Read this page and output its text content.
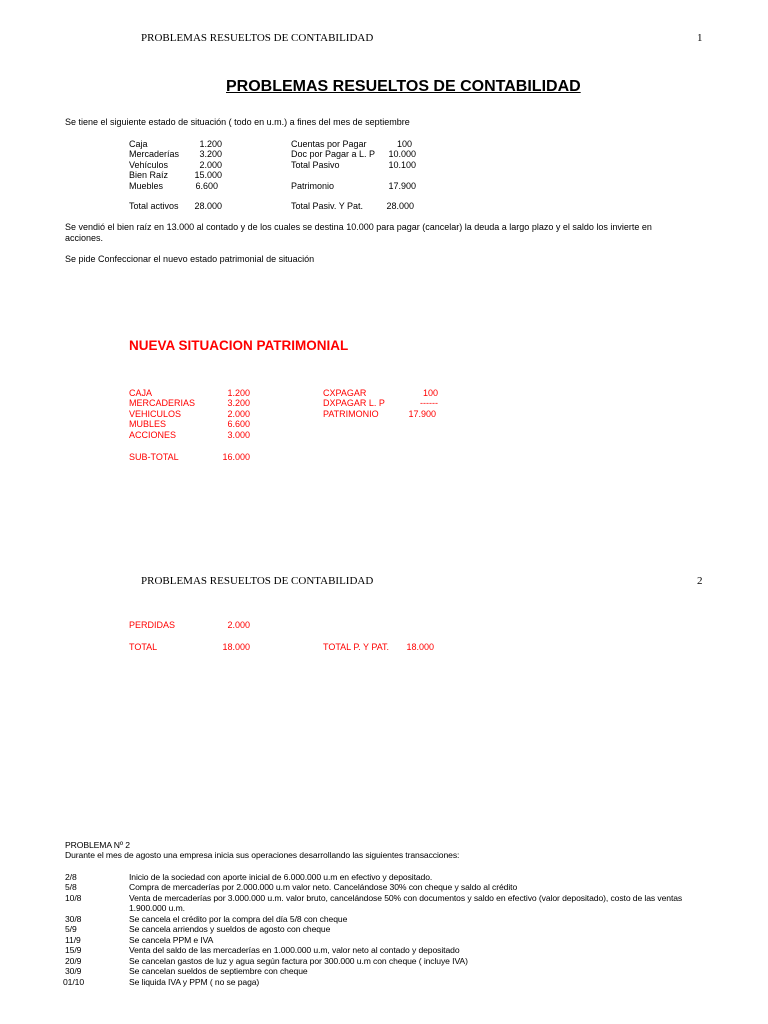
PROBLEMAS RESUELTOS DE CONTABILIDAD	1
PROBLEMAS RESUELTOS DE CONTABILIDAD
Se tiene el siguiente estado de situación ( todo en u.m.) a fines del mes de septiembre
Caja	1.200
Mercaderías	3.200
Vehículos	2.000
Bien Raíz	15.000
Muebles	6.600
Total activos	28.000
Cuentas por Pagar	100
Doc por Pagar a L. P	10.000
Total Pasivo	10.100
Patrimonio	17.900
Total Pasiv. Y Pat.	28.000
Se vendió el bien raíz en 13.000 al contado y de los cuales se destina 10.000 para pagar (cancelar) la deuda a largo plazo y el saldo los invierte en acciones.
Se pide Confeccionar el nuevo estado patrimonial de situación
NUEVA SITUACION PATRIMONIAL
CAJA	1.200
MERCADERIAS	3.200
VEHICULOS	2.000
MUBLES	6.600
ACCIONES	3.000
SUB-TOTAL	16.000
CXPAGAR	100
DXPAGAR L. P	------
PATRIMONIO	17.900
PROBLEMAS RESUELTOS DE CONTABILIDAD	2
PERDIDAS	2.000
TOTAL	18.000	TOTAL P. Y PAT.	18.000
PROBLEMA Nº 2
Durante el mes de agosto una empresa inicia sus operaciones desarrollando las siguientes transacciones:
2/8	Inicio de la sociedad con aporte inicial de 6.000.000 u.m en efectivo y depositado.
5/8	Compra de mercaderías por 2.000.000 u.m valor neto. Cancelándose 30% con cheque y saldo al crédito
10/8	Venta de mercaderías por 3.000.000 u.m. valor bruto, cancelándose 50% con documentos y saldo en efectivo (valor depositado), costo de las ventas 1.900.000 u.m.
30/8	Se cancela el crédito por la compra del día 5/8 con cheque
5/9	Se cancela arriendos y sueldos de agosto con cheque
11/9	Se cancela PPM e IVA
15/9	Venta del saldo de las mercaderías en 1.000.000 u.m, valor neto al contado y depositado
20/9	Se cancelan gastos de luz y agua según factura por 300.000 u.m con cheque ( incluye IVA)
30/9	Se cancelan sueldos de septiembre con cheque
01/10	Se liquida IVA y PPM ( no se paga)
